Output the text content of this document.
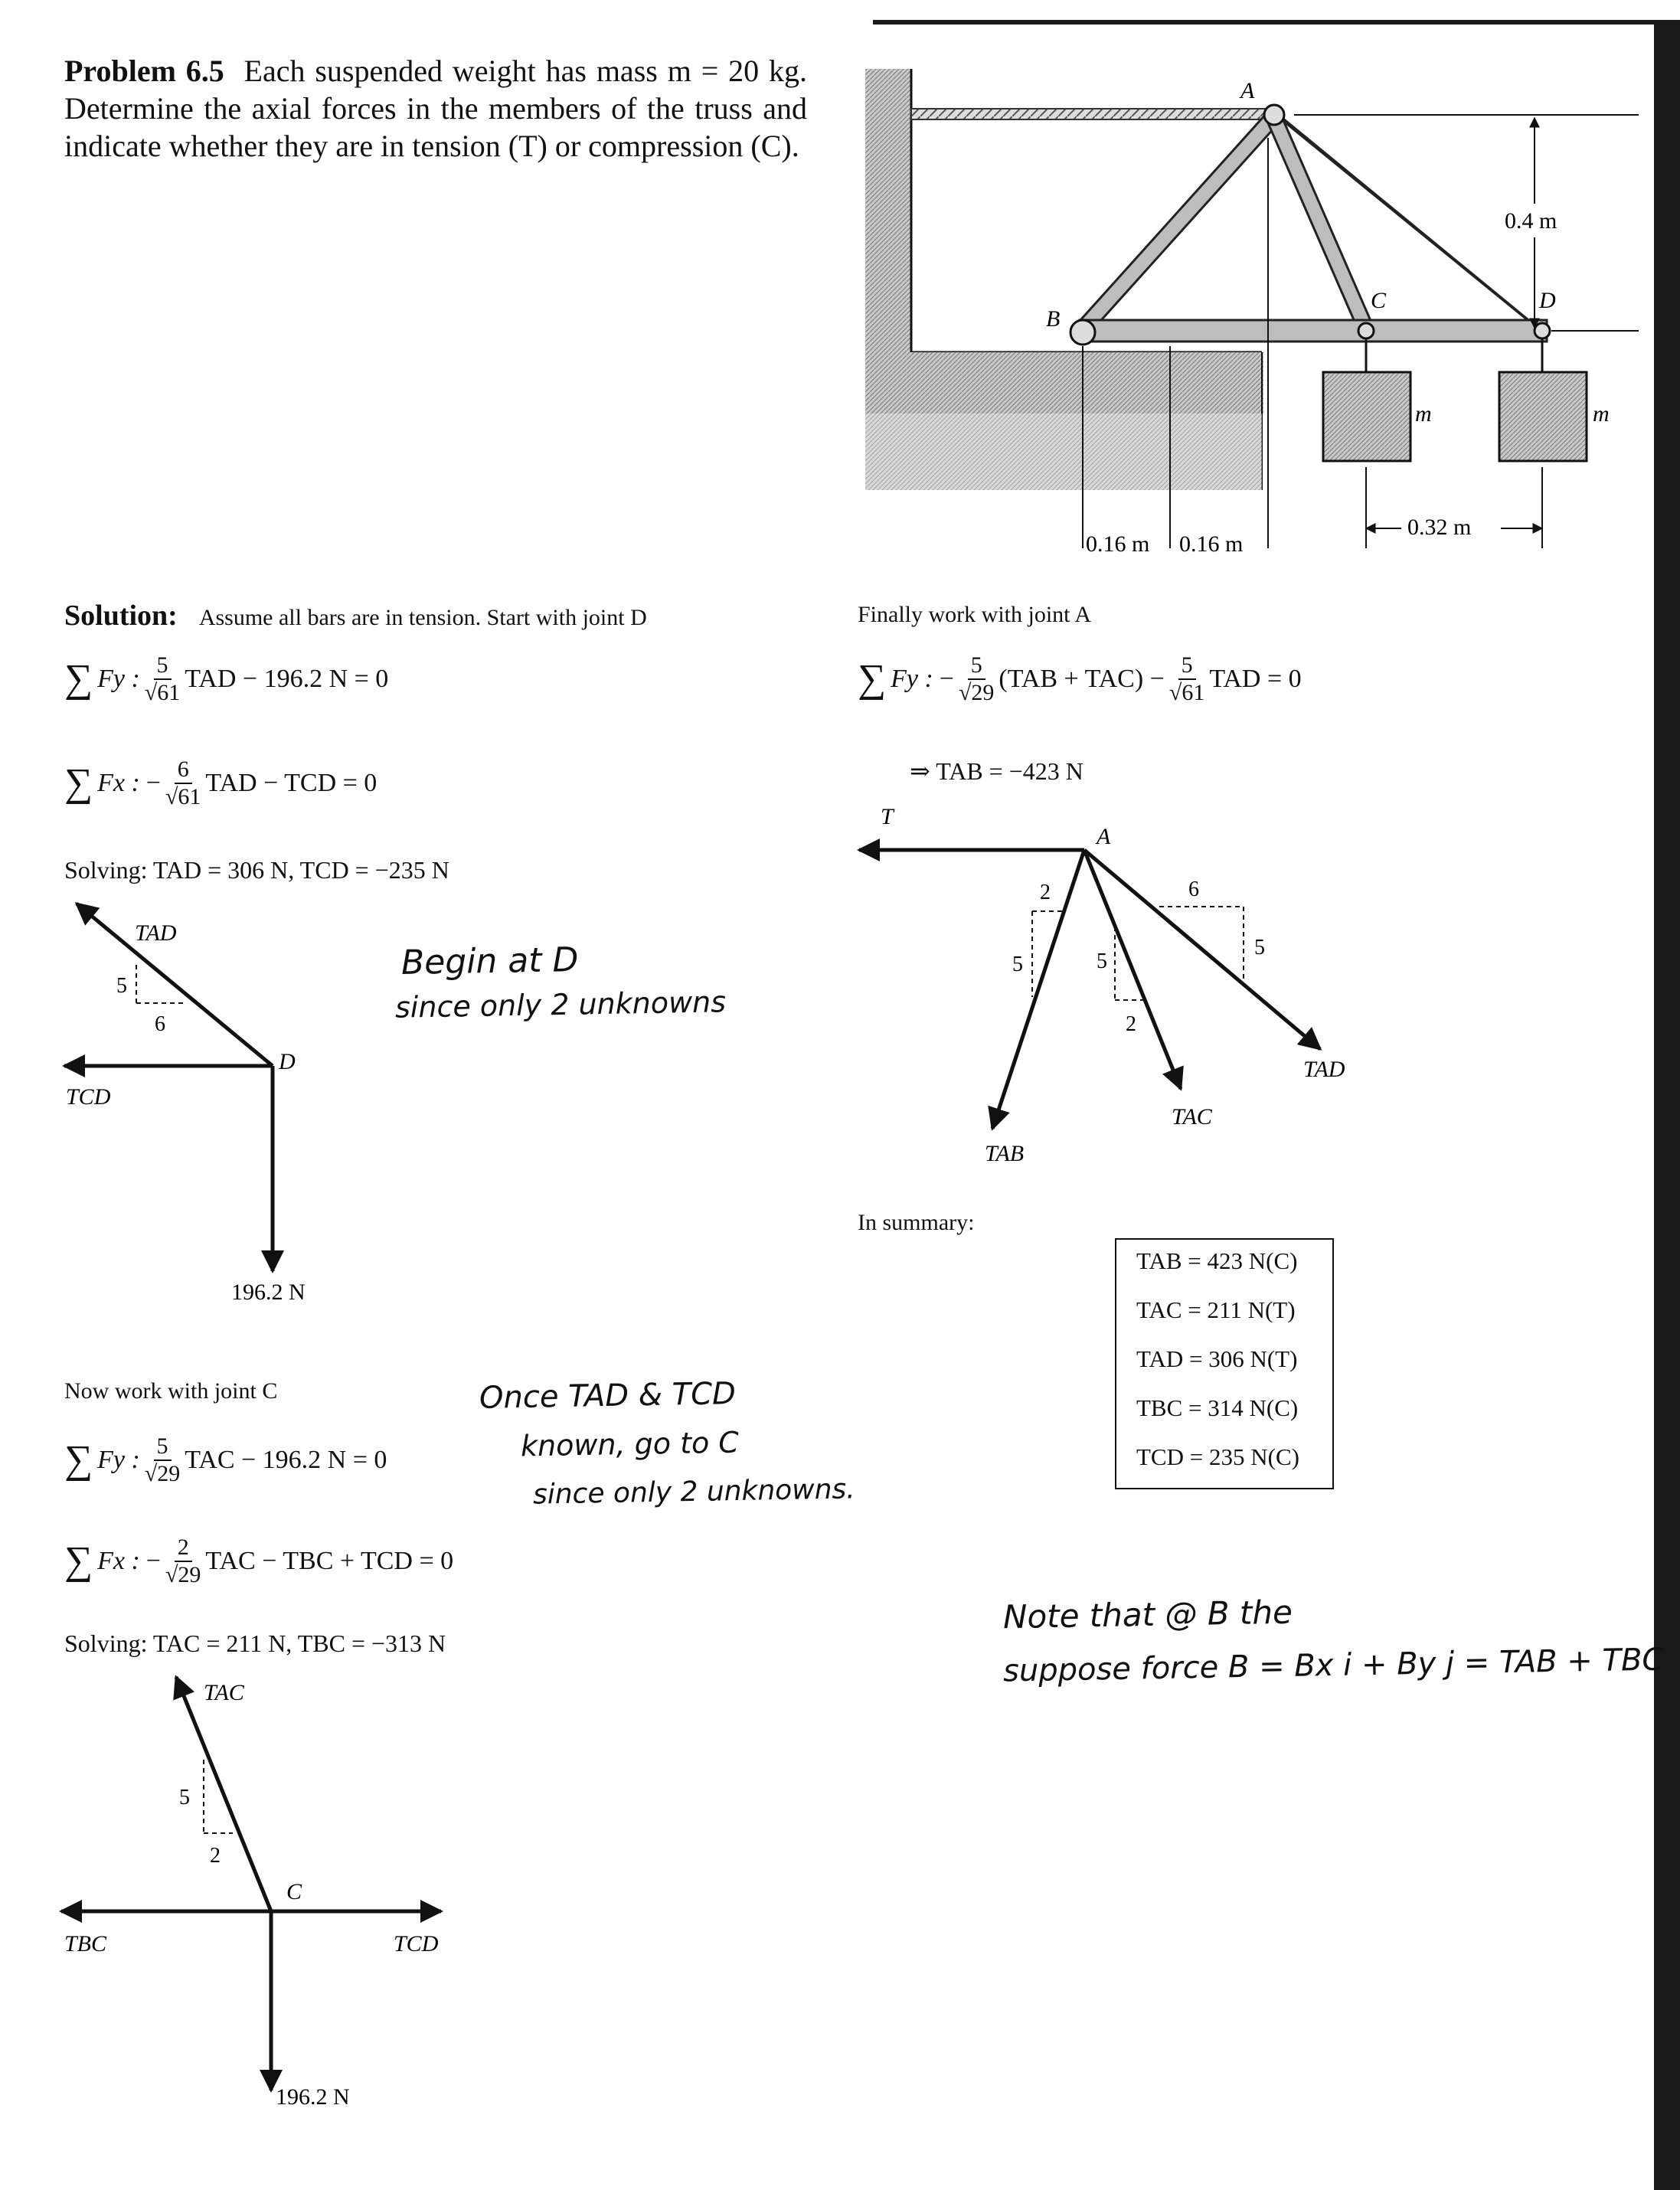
Problem 6.5 Each suspended weight has mass m = 20 kg. Determine the axial forces in the members of the truss and indicate whether they are in tension (T) or compression (C).
A
B
C	D
m	m
0.4 m
0.16 m 0.16 m
0.32 m
Solution: Assume all bars are in tension. Start with joint D
∑ Fy : $\frac{5}{√61}$ TAD − 196.2 N = 0
∑ Fx : − $\frac{6}{√61}$ TAD − TCD = 0
Solving: TAD = 306 N, TCD = −235 N
TAD
5
6
D
TCD
196.2 N
Begin at D
since only 2 unknowns
Now work with joint C
∑ Fy : $\frac{5}{√29}$ TAC − 196.2 N = 0
∑ Fx : − $\frac{2}{√29}$ TAC − TBC + TCD = 0
Solving: TAC = 211 N, TBC = −313 N
TAC
5
2
C
TBC	TCD
196.2 N
Once TAD & TCD
known, go to C
since only 2 unknowns.
Finally work with joint A
∑ Fy : − $\frac{5}{√29} (TAB + TAC) - \frac{5}{√61}$ TAD = 0
⇒ TAB = −423 N
T
A
2
5	5
2
6
5
TAB
TAC
TAD
In summary:
TAB = 423 N(C)
TAC = 211 N(T)
TAD = 306 N(T)
TBC = 314 N(C)
TCD = 235 N(C)
Note that @ B the
suppose force B = Bx i + By j = TAB + TBC
